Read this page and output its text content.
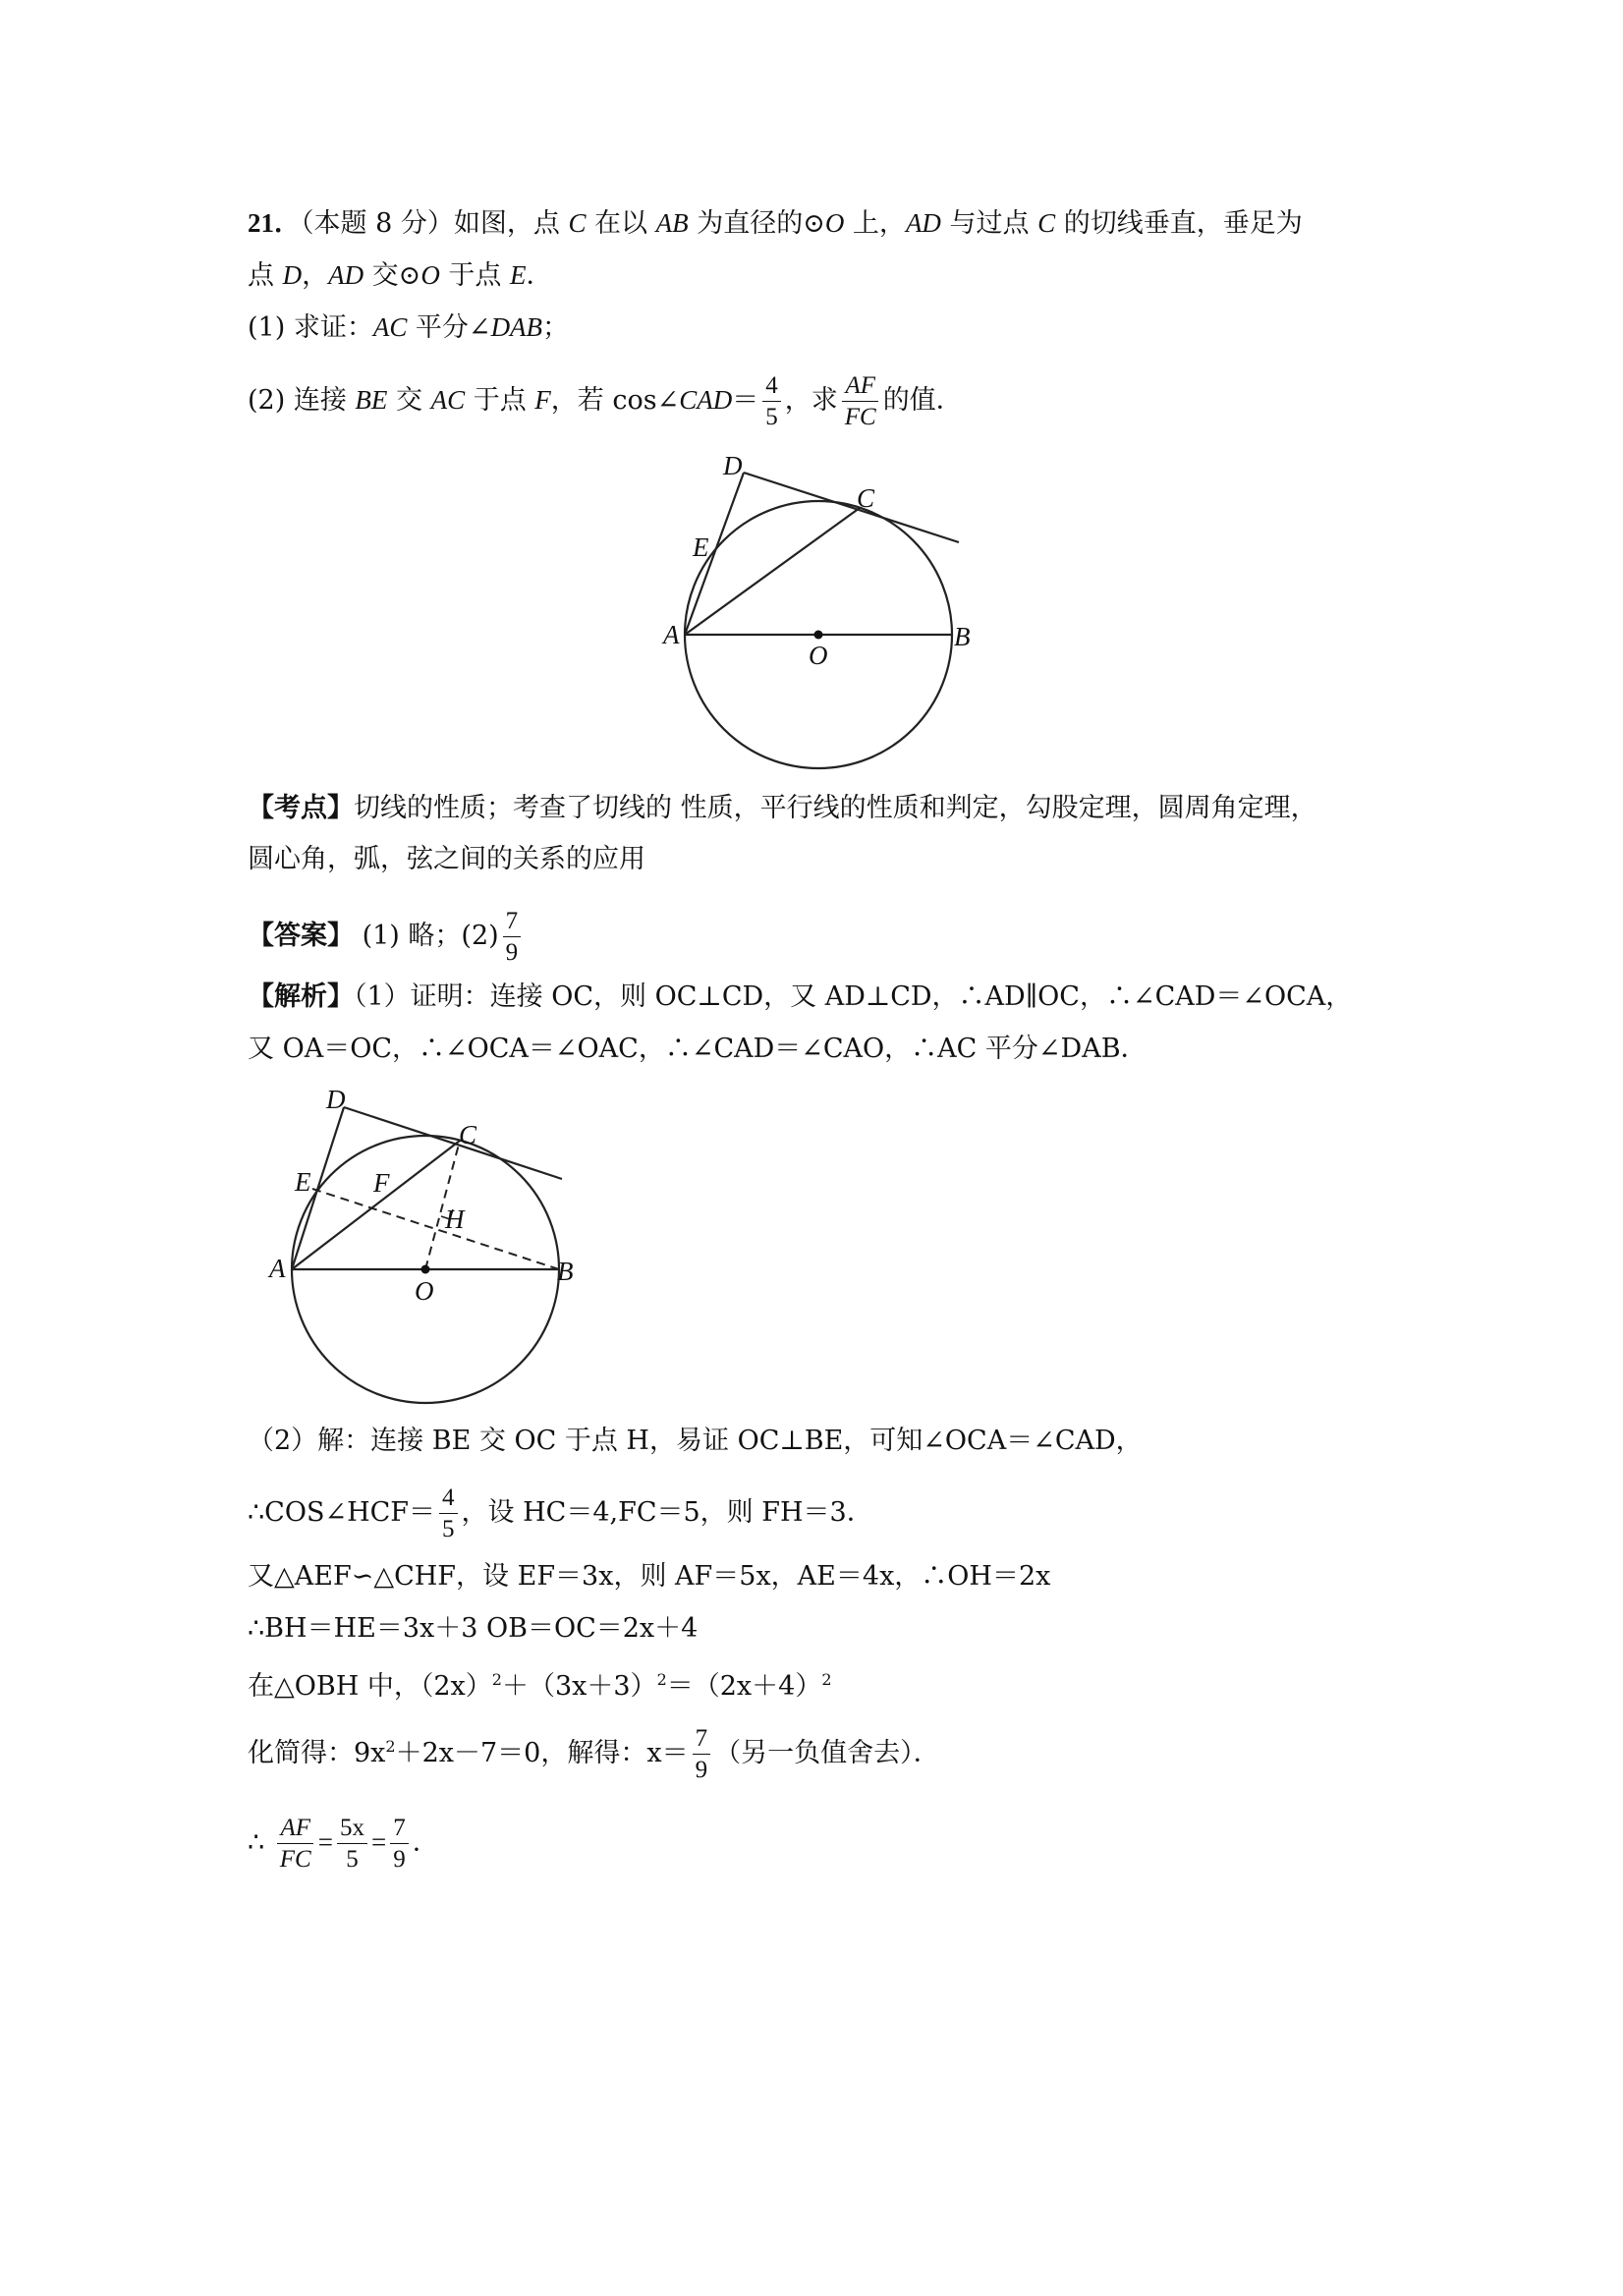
21．（本题 8 分）如图，点 C 在以 AB 为直径的⊙O 上，AD 与过点 C 的切线垂直，垂足为
点 D，AD 交⊙O 于点 E．
(1) 求证：AC 平分∠DAB；
(2) 连接 BE 交 AC 于点 F，若 cos∠CAD＝ $\frac{4}{5}$ ，求 $\frac{AF}{FC}$ 的值．
A	B
C
D
E
O
A	B
C
D
E F
H
O
【考点】切线的性质；考查了切线的 性质，平行线的性质和判定，勾股定理，圆周角定理，
圆心角，弧，弦之间的关系的应用
【答案】 (1) 略；$(2) \frac{7}{9}$
【解析】（1）证明：连接 OC，则 OC⊥CD，又 AD⊥CD，∴AD∥OC，∴∠CAD＝∠OCA，
又 OA＝OC，∴∠OCA＝∠OAC，∴∠CAD＝∠CAO，∴AC 平分∠DAB．
（2）解：连接 BE 交 OC 于点 H，易证 OC⊥BE，可知∠OCA＝∠CAD，
∴COS∠HCF＝ $\frac{4}{5}$ ，设 HC＝4,FC＝5，则 FH＝3．
又△AEF∽△CHF，设 EF＝3x，则 AF＝5x，AE＝4x，∴OH＝2x
∴BH＝HE＝3x＋3 OB＝OC＝2x＋4
在△OBH 中，$(2x)^2+(3x+3)^2=(2x+4)^2$
化简得：$9x^2+2x-7=0$，解得：$x= \frac{7}{9}$ （另一负值舍去）．
∴ $\frac{AF}{FC} = \frac{5x}{5} = \frac{7}{9}$ ．
